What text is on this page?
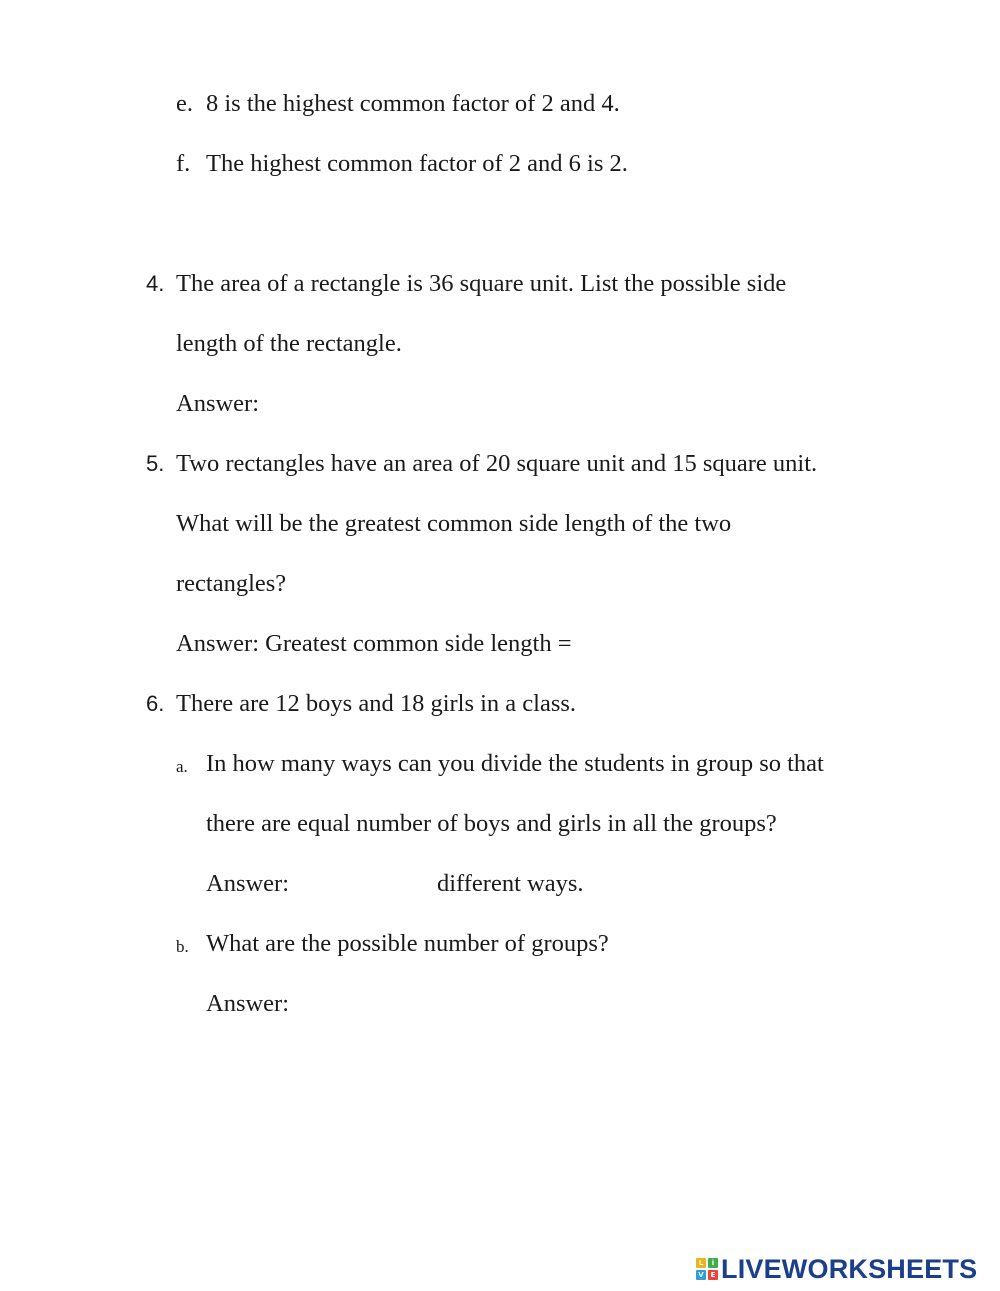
e. 8 is the highest common factor of 2 and 4.
f. The highest common factor of 2 and 6 is 2.
4. The area of a rectangle is 36 square unit. List the possible side
length of the rectangle.
Answer:
5. Two rectangles have an area of 20 square unit and 15 square unit.
What will be the greatest common side length of the two
rectangles?
Answer: Greatest common side length =
6. There are 12 boys and 18 girls in a class.
a. In how many ways can you divide the students in group so that
there are equal number of boys and girls in all the groups?
Answer:	different ways.
b. What are the possible number of groups?
Answer:
L	i
V E LIVEWORKSHEETS
